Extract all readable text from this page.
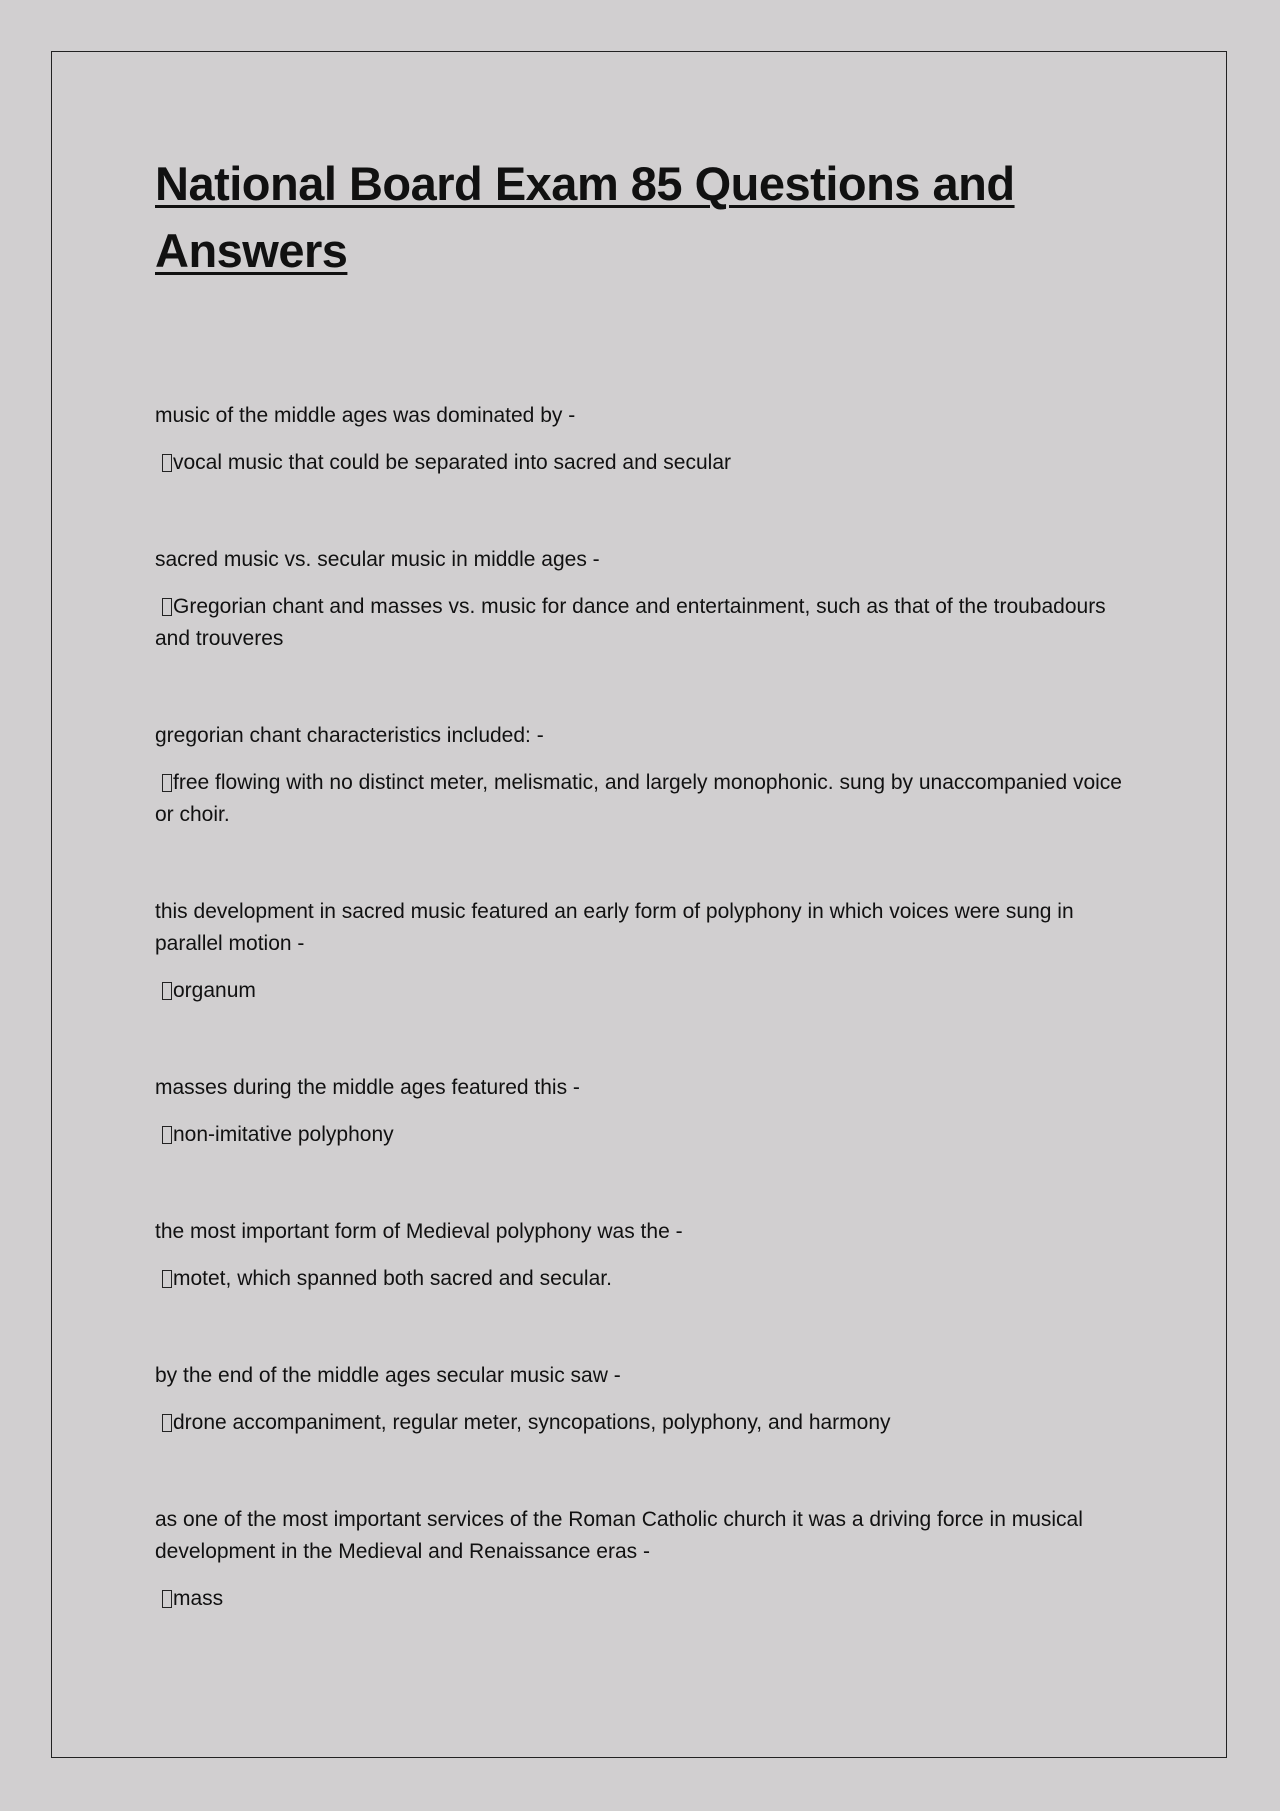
National Board Exam 85 Questions and Answers

music of the middle ages was dominated by -

vocal music that could be separated into sacred and secular

sacred music vs. secular music in middle ages -

Gregorian chant and masses vs. music for dance and entertainment, such as that of the troubadours and trouveres

gregorian chant characteristics included: -

free flowing with no distinct meter, melismatic, and largely monophonic. sung by unaccompanied voice or choir.

this development in sacred music featured an early form of polyphony in which voices were sung in parallel motion -

organum

masses during the middle ages featured this -

non-imitative polyphony

the most important form of Medieval polyphony was the -

motet, which spanned both sacred and secular.

by the end of the middle ages secular music saw -

drone accompaniment, regular meter, syncopations, polyphony, and harmony

as one of the most important services of the Roman Catholic church it was a driving force in musical development in the Medieval and Renaissance eras -

mass
